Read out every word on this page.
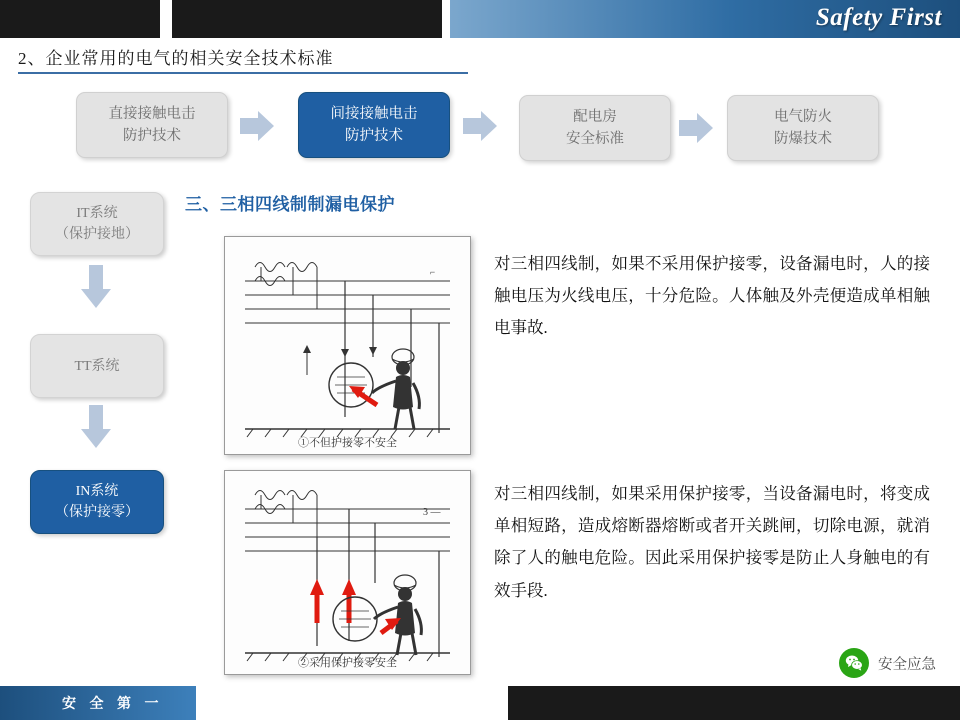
Safety First
2、企业常用的电气的相关安全技术标准
直接接触电击
防护技术
间接接触电击
防护技术
配电房
安全标准
电气防火
防爆技术
IT系统
（保护接地）
TT系统
IN系统
（保护接零）
三、三相四线制制漏电保护
⌐
①不但护接零不安全
3 —
②采用保护接零安全
对三相四线制，如果不采用保护接零，设备漏电时，人的接触电压为火线电压，十分危险。人体触及外壳便造成单相触电事故.
对三相四线制，如果采用保护接零，当设备漏电时，将变成单相短路，造成熔断器熔断或者开关跳闸，切除电源，就消除了人的触电危险。因此采用保护接零是防止人身触电的有效手段.
安全应急
安 全 第 一
